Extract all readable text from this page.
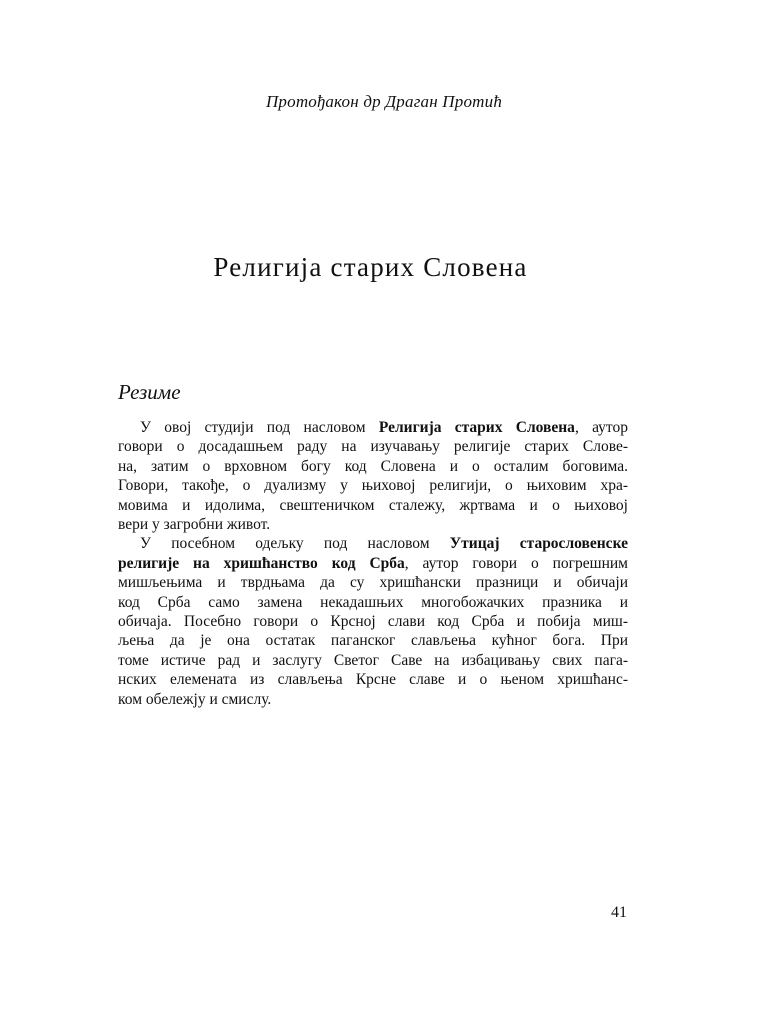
Протођакон др Драган Протић
Религија старих Словена
Резиме
У овој студији под насловом Религија старих Словена, аутор
говори о досадашњем раду на изучавању религије старих Слове-
на, затим о врховном богу код Словена и о осталим боговима.
Говори, такође, о дуализму у њиховој религији, о њиховим хра-
мовима и идолима, свештеничком сталежу, жртвама и о њиховој
вери у загробни живот.
У посебном одељку под насловом Утицај старословенске
религије на хришћанство код Срба, аутор говори о погрешним
мишљењима и тврдњама да су хришћански празници и обичаји
код Срба само замена некадашњих многобожачких празника и
обичаја. Посебно говори о Крсној слави код Срба и побија миш-
љења да је она остатак паганског слављења кућног бога. При
томе истиче рад и заслугу Светог Саве на избацивању свих пага-
нских елемената из слављења Крсне славе и о њеном хришћанс-
ком обележју и смислу.
41
